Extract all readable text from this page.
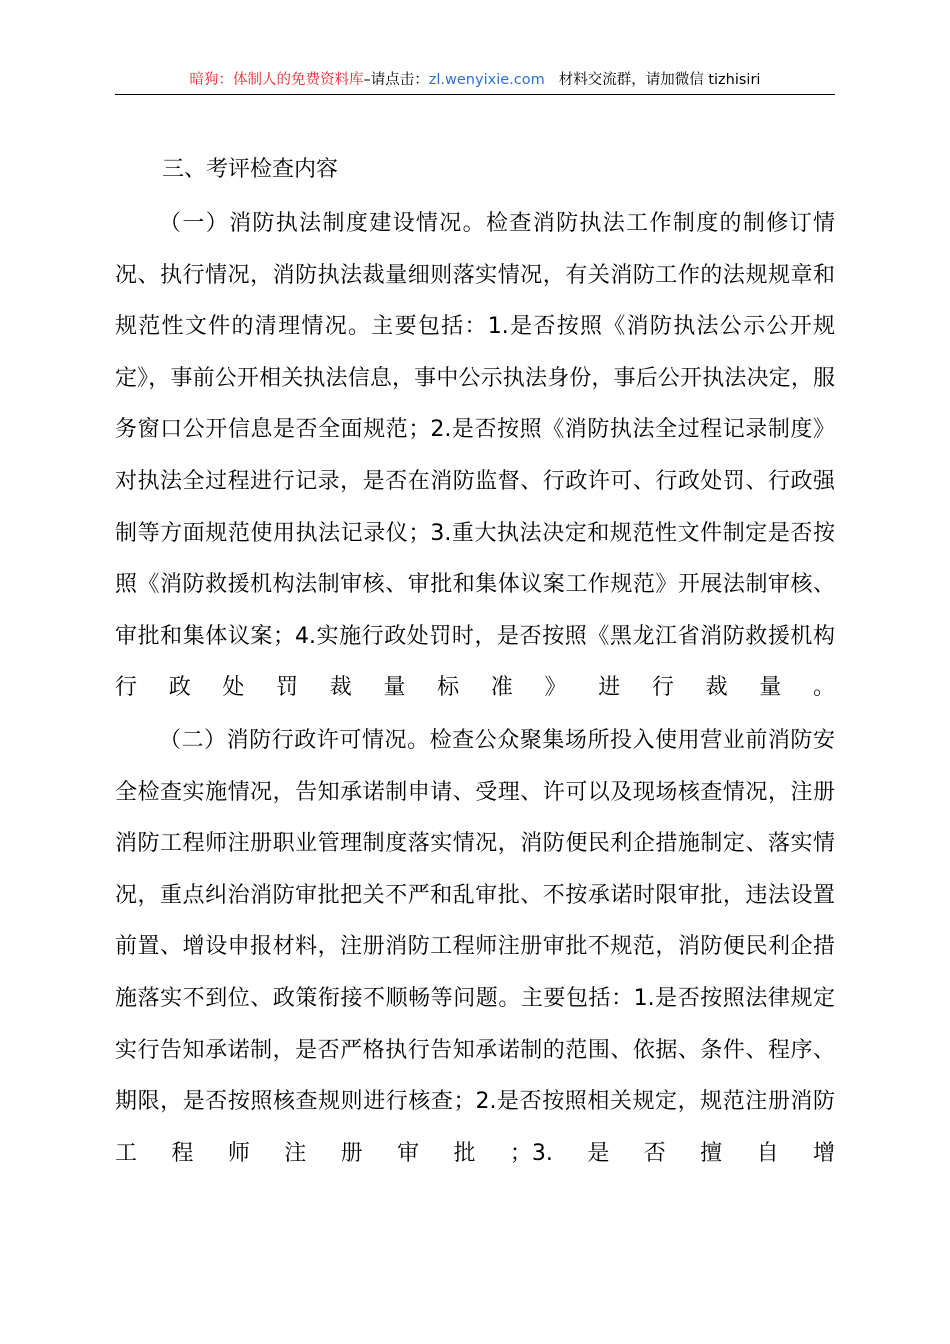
暗狗：体制人的免费资料库–请点击：zl.wenyixie.com 材料交流群，请加微信 tizhisiri
三、考评检查内容

（一）消防执法制度建设情况。检查消防执法工作制度的制修订情况、执行情况，消防执法裁量细则落实情况，有关消防工作的法规规章和规范性文件的清理情况。主要包括：1.是否按照《消防执法公示公开规定》，事前公开相关执法信息，事中公示执法身份，事后公开执法决定，服务窗口公开信息是否全面规范；2.是否按照《消防执法全过程记录制度》对执法全过程进行记录，是否在消防监督、行政许可、行政处罚、行政强制等方面规范使用执法记录仪；3.重大执法决定和规范性文件制定是否按照《消防救援机构法制审核、审批和集体议案工作规范》开展法制审核、审批和集体议案；4.实施行政处罚时，是否按照《黑龙江省消防救援机构行政处罚裁量标准》进行裁量。

（二）消防行政许可情况。检查公众聚集场所投入使用营业前消防安全检查实施情况，告知承诺制申请、受理、许可以及现场核查情况，注册消防工程师注册职业管理制度落实情况，消防便民利企措施制定、落实情况，重点纠治消防审批把关不严和乱审批、不按承诺时限审批，违法设置前置、增设申报材料，注册消防工程师注册审批不规范，消防便民利企措施落实不到位、政策衔接不顺畅等问题。主要包括：1.是否按照法律规定实行告知承诺制，是否严格执行告知承诺制的范围、依据、条件、程序、期限，是否按照核查规则进行核查；2.是否按照相关规定，规范注册消防工程师注册审批；3.是否擅自增
